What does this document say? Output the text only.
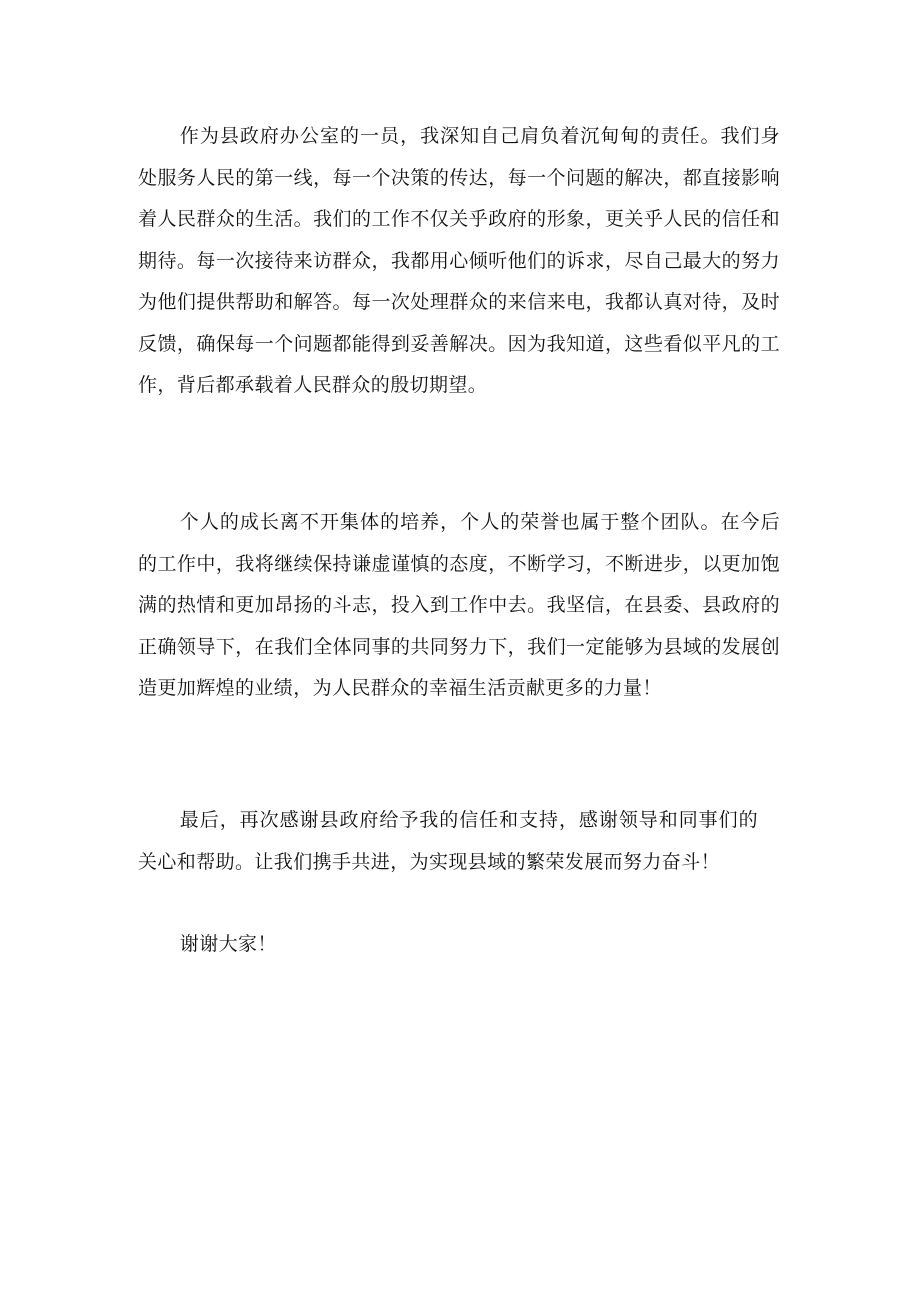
作为县政府办公室的一员，我深知自己肩负着沉甸甸的责任。我们身处服务人民的第一线，每一个决策的传达，每一个问题的解决，都直接影响着人民群众的生活。我们的工作不仅关乎政府的形象，更关乎人民的信任和期待。每一次接待来访群众，我都用心倾听他们的诉求，尽自己最大的努力为他们提供帮助和解答。每一次处理群众的来信来电，我都认真对待，及时反馈，确保每一个问题都能得到妥善解决。因为我知道，这些看似平凡的工作，背后都承载着人民群众的殷切期望。

个人的成长离不开集体的培养，个人的荣誉也属于整个团队。在今后的工作中，我将继续保持谦虚谨慎的态度，不断学习，不断进步，以更加饱满的热情和更加昂扬的斗志，投入到工作中去。我坚信，在县委、县政府的正确领导下，在我们全体同事的共同努力下，我们一定能够为县域的发展创造更加辉煌的业绩，为人民群众的幸福生活贡献更多的力量！

最后，再次感谢县政府给予我的信任和支持，感谢领导和同事们的关心和帮助。让我们携手共进，为实现县域的繁荣发展而努力奋斗！

谢谢大家！
